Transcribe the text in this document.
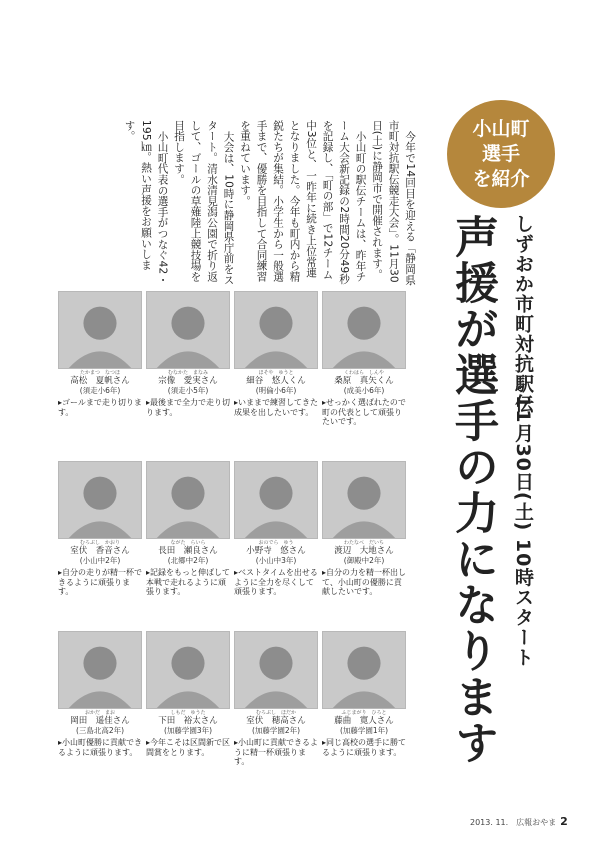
小山町
選手
を紹介
しずおか市町対抗駅伝
声援が選手の力になります 11月30日(土) 10時スタート

今年で14回目を迎える「静岡県市町対抗駅伝競走大会」。11月30日(土)に静岡市で開催されます。

小山町の駅伝チームは、昨年チーム大会新記録の2時間20分49秒を記録し、「町の部」で12チーム中3位と、一昨年に続き上位常連となりました。今年も町内から精鋭たちが集結。小学生から一般選手まで、優勝を目指して合同練習を重ねています。

大会は、10時に静岡県庁前をスタート。清水清見潟公園で折り返して、ゴールの草薙陸上競技場を目指します。

小山町代表の選手がつなぐ42・195㎞。熱い声援をお願いします。

たかまつ　なつほ
高松　夏帆さん
(須走小6年)
▸ゴールまで走り切ります。
むなかた　まなみ
宗像　愛実さん
(須走小5年)
▸最後まで全力で走り切ります。
ほそや　ゆうと
細谷　悠人くん
(明倫小6年)
▸いままで練習してきた成果を出したいです。
くわはら　しんや
桑原　真矢くん
(成美小6年)
▸せっかく選ばれたので町の代表として頑張りたいです。
むろぶし　かおり
室伏　香音さん
(小山中2年)
▸自分の走りが精一杯できるように頑張ります。
ながた　らいら
長田　瀬良さん
(北郷中2年)
▸記録をもっと伸ばして本戦で走れるように頑張ります。
おのでら　ゆう
小野寺　悠さん
(小山中3年)
▸ベストタイムを出せるように全力を尽くして頑張ります。
わたなべ　だいち
渡辺　大地さん
(御殿中2年)
▸自分の力を精一杯出して、小山町の優勝に貢献したいです。
おかだ　まお
岡田　遥佳さん
(三島北高2年)
▸小山町優勝に貢献できるように頑張ります。
しもだ　ゆうた
下田　裕太さん
(加藤学園3年)
▸今年こそは区間新で区間賞をとります。
むろぶし　ほだか
室伏　穂高さん
(加藤学園2年)
▸小山町に貢献できるように精一杯頑張ります。
ふじまがり　ひろと
藤曲　寛人さん
(加藤学園1年)
▸同じ高校の選手に勝てるように頑張ります。
2013. 11.　広報おやま 2
